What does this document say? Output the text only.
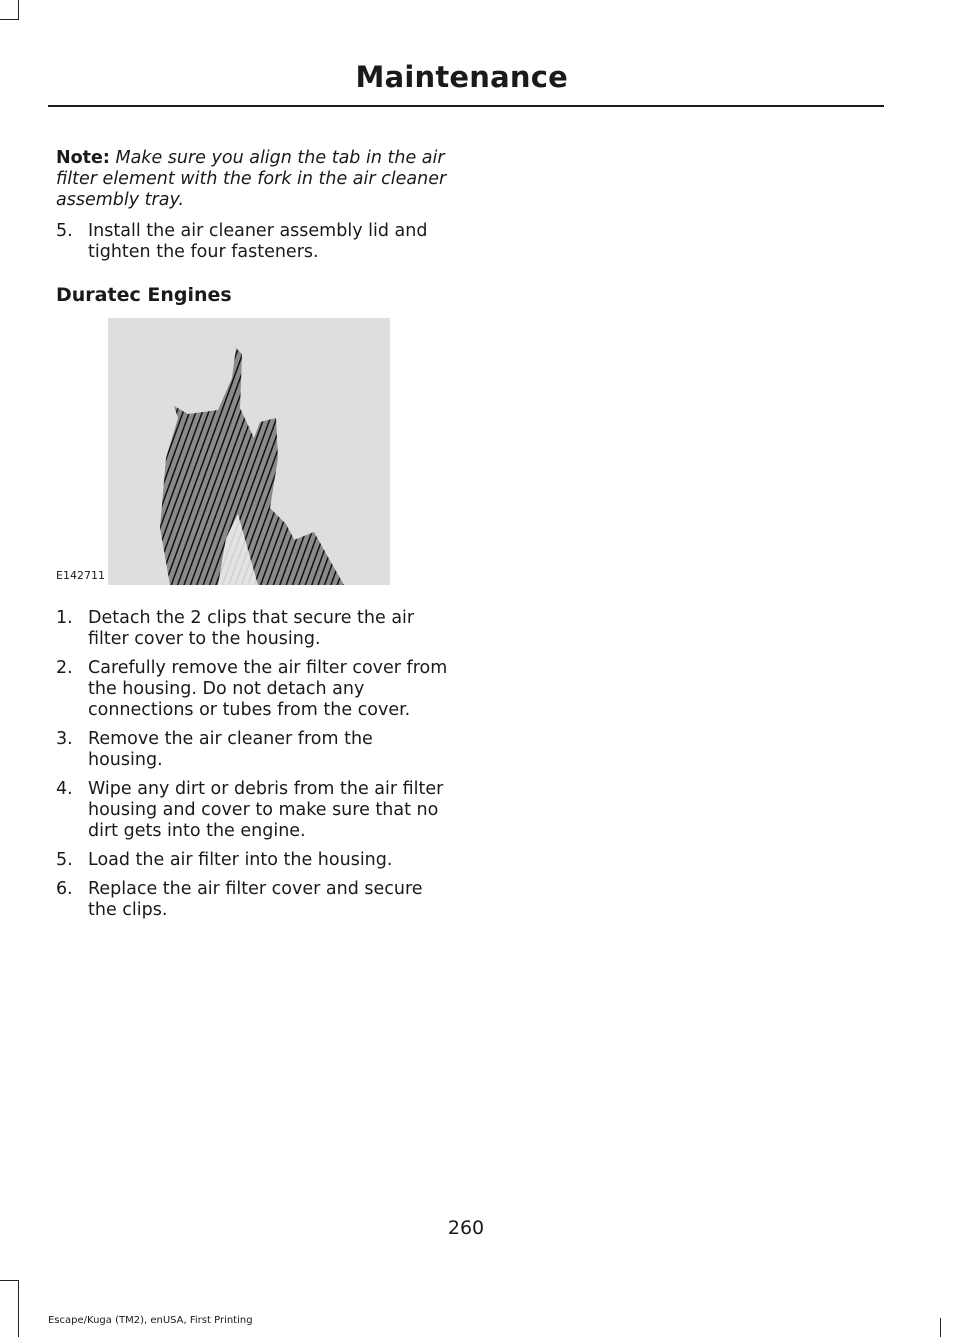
Maintenance

Note: Make sure you align the tab in the air filter element with the fork in the air cleaner assembly tray.

5. Install the air cleaner assembly lid and tighten the four fasteners.
Duratec Engines
E142711
1. Detach the 2 clips that secure the air filter cover to the housing.
2. Carefully remove the air filter cover from the housing. Do not detach any connections or tubes from the cover.
3. Remove the air cleaner from the housing.
4. Wipe any dirt or debris from the air filter housing and cover to make sure that no dirt gets into the engine.
5. Load the air filter into the housing.
6. Replace the air filter cover and secure the clips.
260
Escape/Kuga (TM2), enUSA, First Printing
